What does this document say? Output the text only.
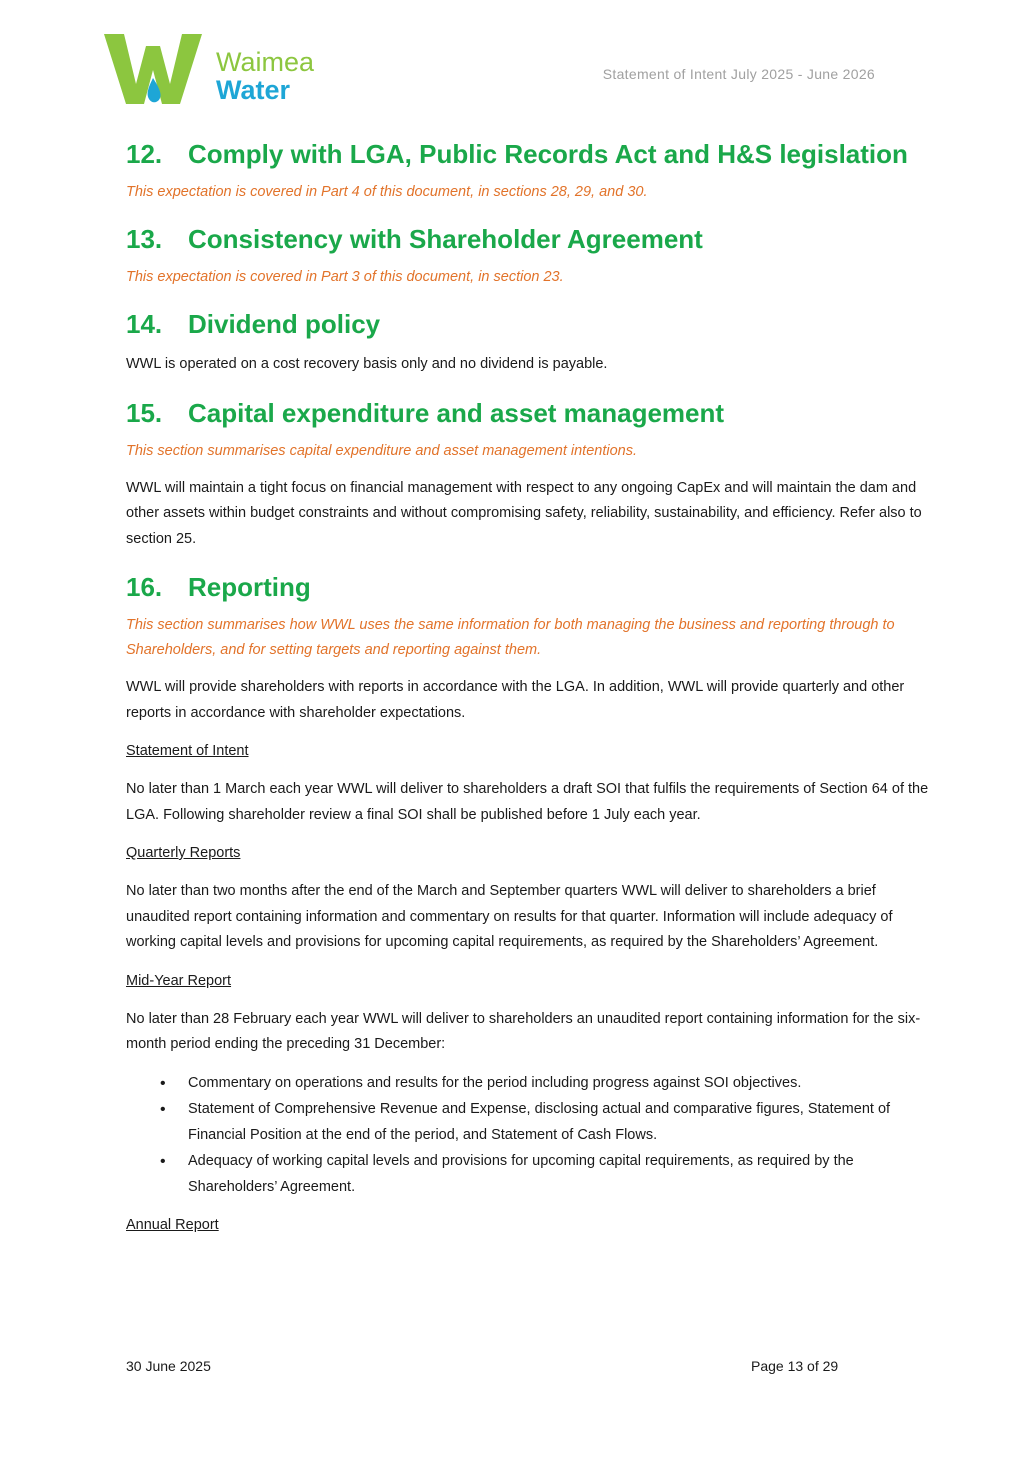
Waimea
Water
Statement of Intent July 2025 - June 2026
12. Comply with LGA, Public Records Act and H&S legislation
This expectation is covered in Part 4 of this document, in sections 28, 29, and 30.
13. Consistency with Shareholder Agreement
This expectation is covered in Part 3 of this document, in section 23.
14. Dividend policy

WWL is operated on a cost recovery basis only and no dividend is payable.

15. Capital expenditure and asset management
This section summarises capital expenditure and asset management intentions.

WWL will maintain a tight focus on financial management with respect to any ongoing CapEx and will maintain the dam and other assets within budget constraints and without compromising safety, reliability, sustainability, and efficiency. Refer also to section 25.

16. Reporting
This section summarises how WWL uses the same information for both managing the business and reporting through to Shareholders, and for setting targets and reporting against them.

WWL will provide shareholders with reports in accordance with the LGA. In addition, WWL will provide quarterly and other reports in accordance with shareholder expectations.

Statement of Intent

No later than 1 March each year WWL will deliver to shareholders a draft SOI that fulfils the requirements of Section 64 of the LGA. Following shareholder review a final SOI shall be published before 1 July each year.

Quarterly Reports

No later than two months after the end of the March and September quarters WWL will deliver to shareholders a brief unaudited report containing information and commentary on results for that quarter. Information will include adequacy of working capital levels and provisions for upcoming capital requirements, as required by the Shareholders’ Agreement.

Mid-Year Report

No later than 28 February each year WWL will deliver to shareholders an unaudited report containing information for the six-month period ending the preceding 31 December:

• Commentary on operations and results for the period including progress against SOI objectives.
• Statement of Comprehensive Revenue and Expense, disclosing actual and comparative figures, Statement of Financial Position at the end of the period, and Statement of Cash Flows.
• Adequacy of working capital levels and provisions for upcoming capital requirements, as required by the Shareholders’ Agreement.
Annual Report
30 June 2025	Page 13 of 29
